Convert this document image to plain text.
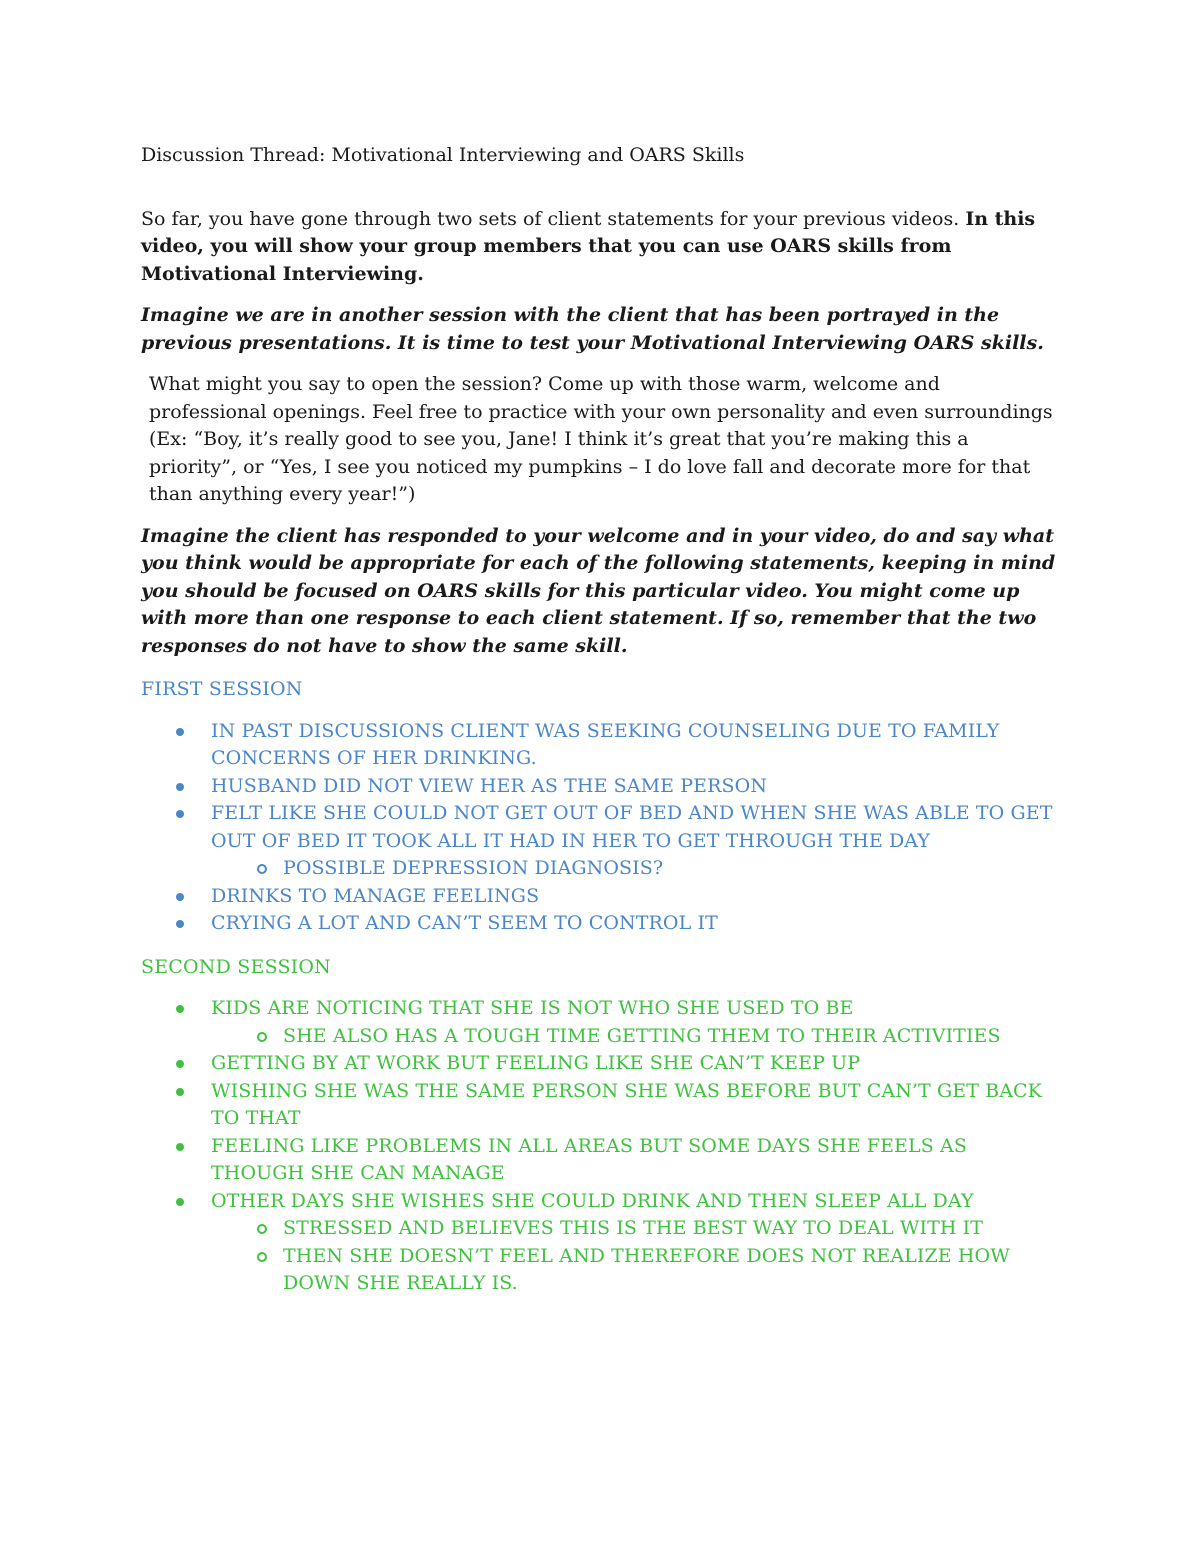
Discussion Thread: Motivational Interviewing and OARS Skills

So far, you have gone through two sets of client statements for your previous videos. In this video, you will show your group members that you can use OARS skills from Motivational Interviewing.

Imagine we are in another session with the client that has been portrayed in the previous presentations. It is time to test your Motivational Interviewing OARS skills.

What might you say to open the session? Come up with those warm, welcome and professional openings. Feel free to practice with your own personality and even surroundings (Ex: “Boy, it’s really good to see you, Jane! I think it’s great that you’re making this a priority”, or “Yes, I see you noticed my pumpkins – I do love fall and decorate more for that than anything every year!”)

Imagine the client has responded to your welcome and in your video, do and say what you think would be appropriate for each of the following statements, keeping in mind you should be focused on OARS skills for this particular video. You might come up with more than one response to each client statement. If so, remember that the two responses do not have to show the same skill.

FIRST SESSION

IN PAST DISCUSSIONS CLIENT WAS SEEKING COUNSELING DUE TO FAMILY CONCERNS OF HER DRINKING.
HUSBAND DID NOT VIEW HER AS THE SAME PERSON
FELT LIKE SHE COULD NOT GET OUT OF BED AND WHEN SHE WAS ABLE TO GET OUT OF BED IT TOOK ALL IT HAD IN HER TO GET THROUGH THE DAY
POSSIBLE DEPRESSION DIAGNOSIS?
DRINKS TO MANAGE FEELINGS
CRYING A LOT AND CAN’T SEEM TO CONTROL IT

SECOND SESSION

KIDS ARE NOTICING THAT SHE IS NOT WHO SHE USED TO BE
SHE ALSO HAS A TOUGH TIME GETTING THEM TO THEIR ACTIVITIES
GETTING BY AT WORK BUT FEELING LIKE SHE CAN’T KEEP UP
WISHING SHE WAS THE SAME PERSON SHE WAS BEFORE BUT CAN’T GET BACK TO THAT
FEELING LIKE PROBLEMS IN ALL AREAS BUT SOME DAYS SHE FEELS AS THOUGH SHE CAN MANAGE
OTHER DAYS SHE WISHES SHE COULD DRINK AND THEN SLEEP ALL DAY
STRESSED AND BELIEVES THIS IS THE BEST WAY TO DEAL WITH IT
THEN SHE DOESN’T FEEL AND THEREFORE DOES NOT REALIZE HOW DOWN SHE REALLY IS.
